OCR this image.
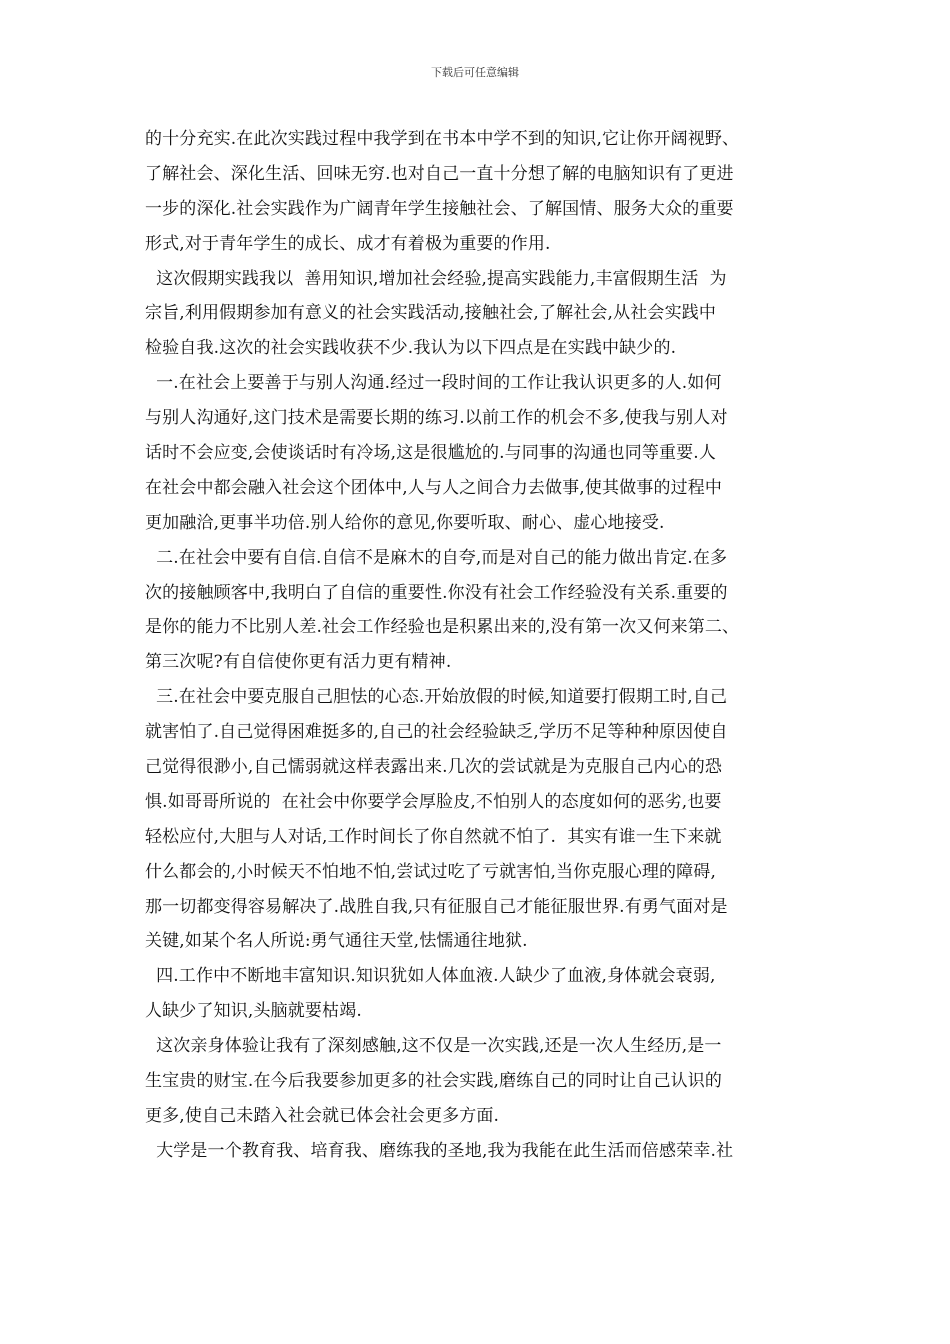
下载后可任意编辑
的十分充实.在此次实践过程中我学到在书本中学不到的知识,它让你开阔视野、
了解社会、深化生活、回味无穷.也对自己一直十分想了解的电脑知识有了更进
一步的深化.社会实践作为广阔青年学生接触社会、了解国情、服务大众的重要
形式,对于青年学生的成长、成才有着极为重要的作用.
这次假期实践我以  善用知识,增加社会经验,提高实践能力,丰富假期生活  为
宗旨,利用假期参加有意义的社会实践活动,接触社会,了解社会,从社会实践中
检验自我.这次的社会实践收获不少.我认为以下四点是在实践中缺少的.
一.在社会上要善于与别人沟通.经过一段时间的工作让我认识更多的人.如何
与别人沟通好,这门技术是需要长期的练习.以前工作的机会不多,使我与别人对
话时不会应变,会使谈话时有冷场,这是很尴尬的.与同事的沟通也同等重要.人
在社会中都会融入社会这个团体中,人与人之间合力去做事,使其做事的过程中
更加融洽,更事半功倍.别人给你的意见,你要听取、耐心、虚心地接受.
二.在社会中要有自信.自信不是麻木的自夸,而是对自己的能力做出肯定.在多
次的接触顾客中,我明白了自信的重要性.你没有社会工作经验没有关系.重要的
是你的能力不比别人差.社会工作经验也是积累出来的,没有第一次又何来第二、
第三次呢?有自信使你更有活力更有精神.
三.在社会中要克服自己胆怯的心态.开始放假的时候,知道要打假期工时,自己
就害怕了.自己觉得困难挺多的,自己的社会经验缺乏,学历不足等种种原因使自
己觉得很渺小,自己懦弱就这样表露出来.几次的尝试就是为克服自己内心的恐
惧.如哥哥所说的  在社会中你要学会厚脸皮,不怕别人的态度如何的恶劣,也要
轻松应付,大胆与人对话,工作时间长了你自然就不怕了.  其实有谁一生下来就
什么都会的,小时候天不怕地不怕,尝试过吃了亏就害怕,当你克服心理的障碍,
那一切都变得容易解决了.战胜自我,只有征服自己才能征服世界.有勇气面对是
关键,如某个名人所说:勇气通往天堂,怯懦通往地狱.
四.工作中不断地丰富知识.知识犹如人体血液.人缺少了血液,身体就会衰弱,
人缺少了知识,头脑就要枯竭.
这次亲身体验让我有了深刻感触,这不仅是一次实践,还是一次人生经历,是一
生宝贵的财宝.在今后我要参加更多的社会实践,磨练自己的同时让自己认识的
更多,使自己未踏入社会就已体会社会更多方面.
大学是一个教育我、培育我、磨练我的圣地,我为我能在此生活而倍感荣幸.社
